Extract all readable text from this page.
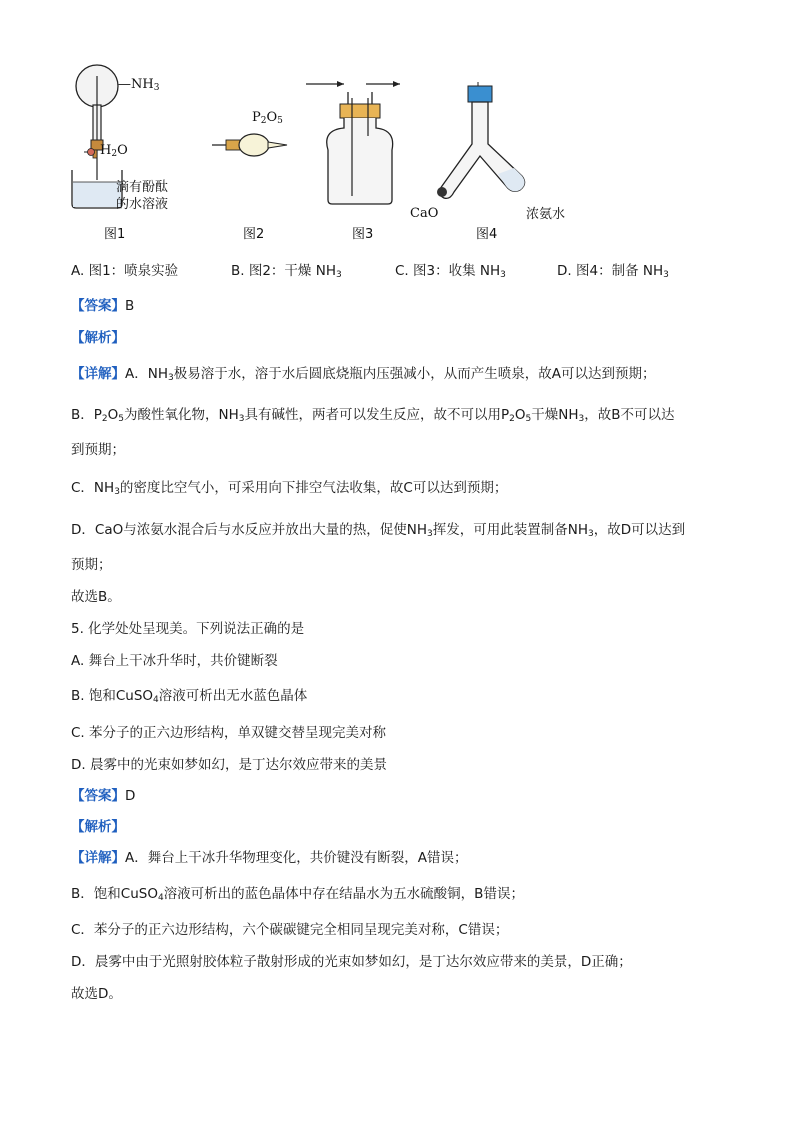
$—NH_3$
$H_2O$
滴有酚酞
的水溶液
图1
$P_2O_5$
图2	图3
CaO	浓氨水
图4
A. 图1：喷泉实验	B. 图2：干燥 $NH_3$	C. 图3：收集 $NH_3$	D. 图4：制备 $NH_3$
【答案】B
【解析】
【详解】A．$NH_3$极易溶于水，溶于水后圆底烧瓶内压强减小，从而产生喷泉，故A可以达到预期；
B．$P_2O_5$为酸性氧化物，$NH_3$具有碱性，两者可以发生反应，故不可以用$P_2O_5$干燥$NH_3$，故B不可以达
到预期；
C．$NH_3$的密度比空气小，可采用向下排空气法收集，故C可以达到预期；
D．CaO与浓氨水混合后与水反应并放出大量的热，促使$NH_3$挥发，可用此装置制备$NH_3$，故D可以达到
预期；
故选B。
5. 化学处处呈现美。下列说法正确的是
A. 舞台上干冰升华时，共价键断裂
B. 饱和CuSO$_4$溶液可析出无水蓝色晶体
C. 苯分子的正六边形结构，单双键交替呈现完美对称
D. 晨雾中的光束如梦如幻，是丁达尔效应带来的美景
【答案】D
【解析】
【详解】A．舞台上干冰升华物理变化，共价键没有断裂，A错误；
B．饱和CuSO$_4$溶液可析出的蓝色晶体中存在结晶水为五水硫酸铜，B错误；
C．苯分子的正六边形结构，六个碳碳键完全相同呈现完美对称，C错误；
D．晨雾中由于光照射胶体粒子散射形成的光束如梦如幻，是丁达尔效应带来的美景，D正确；
故选D。
